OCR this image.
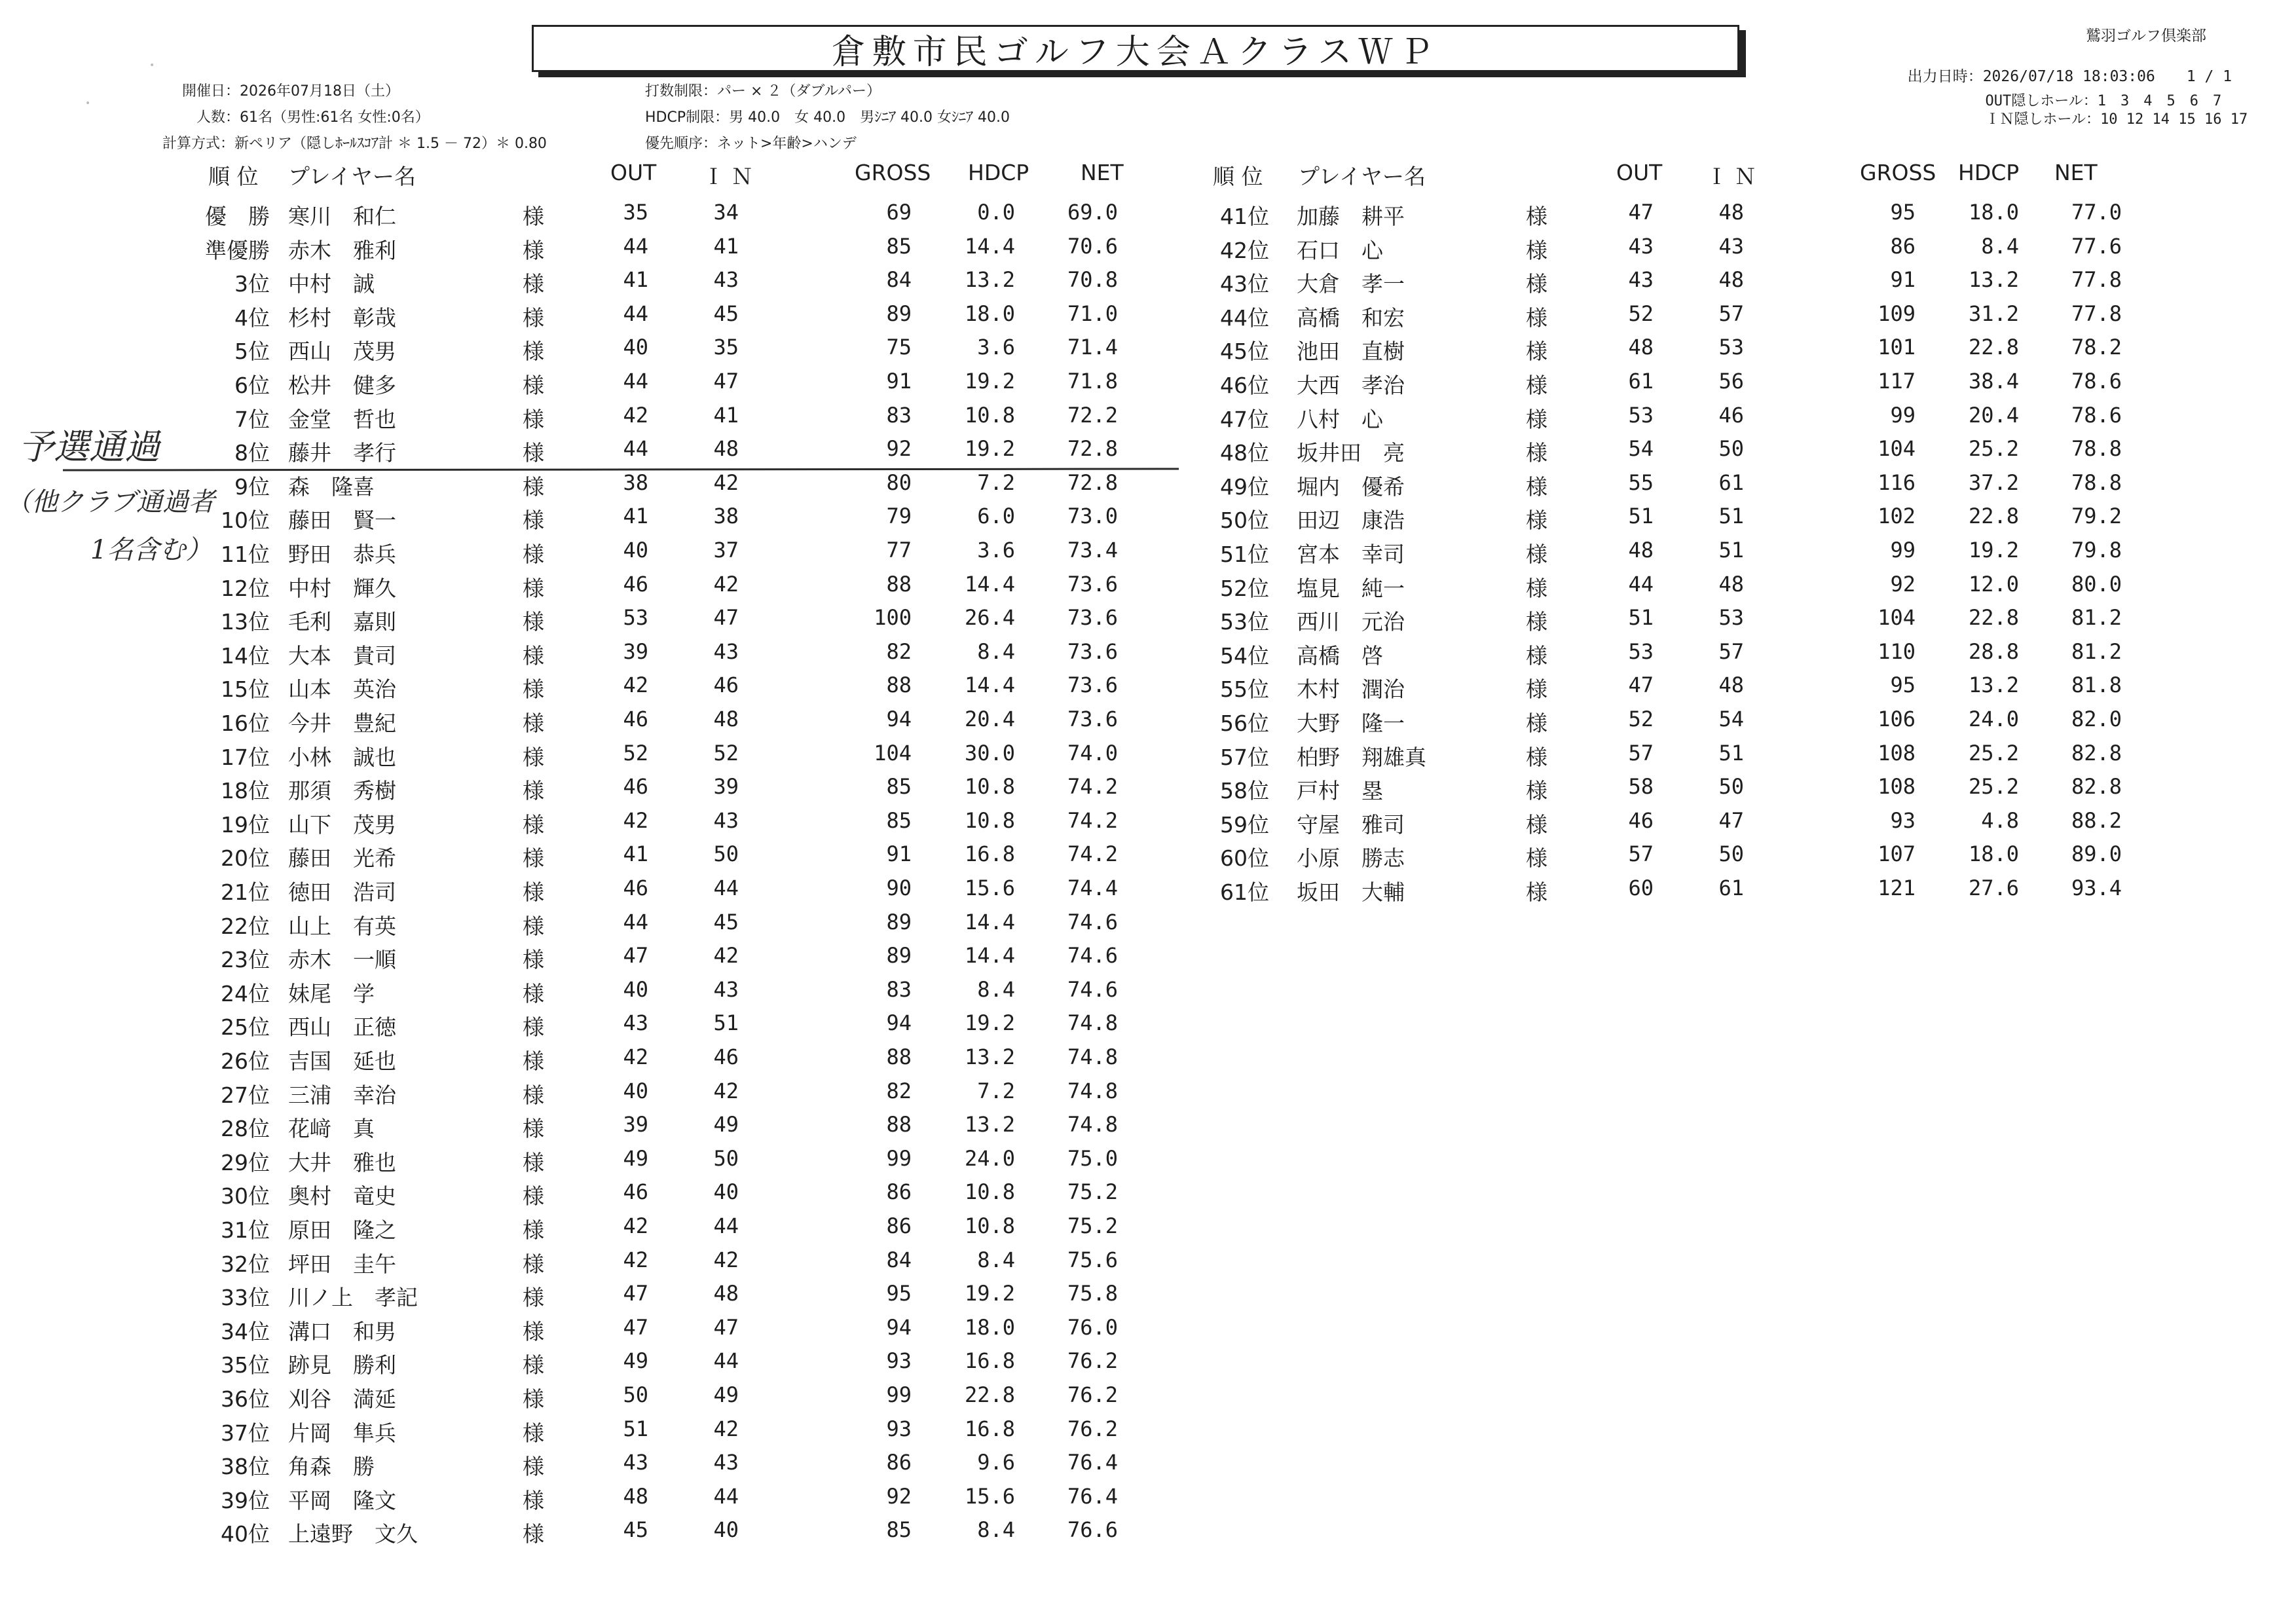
倉敷市民ゴルフ大会ＡクラスＷＰ	鷲羽ゴルフ倶楽部

出力日時：2026/07/18 18:03:06 1 / 1

OUT隠しホール：1　3　4　5　6　7

ＩＮ隠しホール：10 12 14 15 16 17

開催日：2026年07月18日（土）
人数：61名（男性:61名 女性:0名）
計算方式：新ペリア（隠しﾎｰﾙｽｺｱ計 ＊ 1.5 － 72）＊ 0.80
打数制限：パー × ２（ダブルパー）
HDCP制限：男 40.0　女 40.0　男ｼﾆｱ 40.0 女ｼﾆｱ 40.0
優先順序：ネット>年齢>ハンデ
順 位 プレイヤー名	OUT Ｉ Ｎ	GROSS HDCP NET	順 位 プレイヤー名	OUT Ｉ Ｎ	GROSS HDCP NET
優　勝 寒川　和仁	様	35	34	69	0.0 69.0
準優勝 赤木　雅利	様	44	41	85	14.4 70.6
3位 中村　誠	様	41	43	84	13.2 70.8
4位 杉村　彰哉	様	44	45	89	18.0 71.0
5位 西山　茂男	様	40	35	75	3.6 71.4
6位 松井　健多	様	44	47	91	19.2 71.8
7位 金堂　哲也	様	42	41	83	10.8 72.2
8位 藤井　孝行	様	44	48	92	19.2 72.8
9位 森　隆喜	様	38	42	80	7.2 72.8
10位 藤田　賢一	様	41	38	79	6.0 73.0
11位 野田　恭兵	様	40	37	77	3.6 73.4
12位 中村　輝久	様	46	42	88	14.4 73.6
13位 毛利　嘉則	様	53	47	100	26.4 73.6
14位 大本　貴司	様	39	43	82	8.4 73.6
15位 山本　英治	様	42	46	88	14.4 73.6
16位 今井　豊紀	様	46	48	94	20.4 73.6
17位 小林　誠也	様	52	52	104	30.0 74.0
18位 那須　秀樹	様	46	39	85	10.8 74.2
19位 山下　茂男	様	42	43	85	10.8 74.2
20位 藤田　光希	様	41	50	91	16.8 74.2
21位 徳田　浩司	様	46	44	90	15.6 74.4
22位 山上　有英	様	44	45	89	14.4 74.6
23位 赤木　一順	様	47	42	89	14.4 74.6
24位 妹尾　学	様	40	43	83	8.4 74.6
25位 西山　正徳	様	43	51	94	19.2 74.8
26位 吉国　延也	様	42	46	88	13.2 74.8
27位 三浦　幸治	様	40	42	82	7.2 74.8
28位 花﨑　真	様	39	49	88	13.2 74.8
29位 大井　雅也	様	49	50	99	24.0 75.0
30位 奥村　竜史	様	46	40	86	10.8 75.2
31位 原田　隆之	様	42	44	86	10.8 75.2
32位 坪田　圭午	様	42	42	84	8.4 75.6
33位 川ノ上　孝記	様	47	48	95	19.2 75.8
34位 溝口　和男	様	47	47	94	18.0 76.0
35位 跡見　勝利	様	49	44	93	16.8 76.2
36位 刈谷　満延	様	50	49	99	22.8 76.2
37位 片岡　隼兵	様	51	42	93	16.8 76.2
38位 角森　勝	様	43	43	86	9.6 76.4
39位 平岡　隆文	様	48	44	92	15.6 76.4
40位 上遠野　文久	様	45	40	85	8.4 76.6
41位 加藤　耕平	様	47	48	95	18.0 77.0
42位 石口　心	様	43	43	86	8.4 77.6
43位 大倉　孝一	様	43	48	91	13.2 77.8
44位 高橋　和宏	様	52	57	109	31.2 77.8
45位 池田　直樹	様	48	53	101	22.8 78.2
46位 大西　孝治	様	61	56	117	38.4 78.6
47位 八村　心	様	53	46	99	20.4 78.6
48位 坂井田　亮	様	54	50	104	25.2 78.8
49位 堀内　優希	様	55	61	116	37.2 78.8
50位 田辺　康浩	様	51	51	102	22.8 79.2
51位 宮本　幸司	様	48	51	99	19.2 79.8
52位 塩見　純一	様	44	48	92	12.0 80.0
53位 西川　元治	様	51	53	104	22.8 81.2
54位 高橋　啓	様	53	57	110	28.8 81.2
55位 木村　潤治	様	47	48	95	13.2 81.8
56位 大野　隆一	様	52	54	106	24.0 82.0
57位 柏野　翔雄真	様	57	51	108	25.2 82.8
58位 戸村　塁	様	58	50	108	25.2 82.8
59位 守屋　雅司	様	46	47	93	4.8 88.2
60位 小原　勝志	様	57	50	107	18.0 89.0
61位 坂田　大輔	様	60	61	121	27.6 93.4
予選通過
（他クラブ通過者
1名含む）
•
•
